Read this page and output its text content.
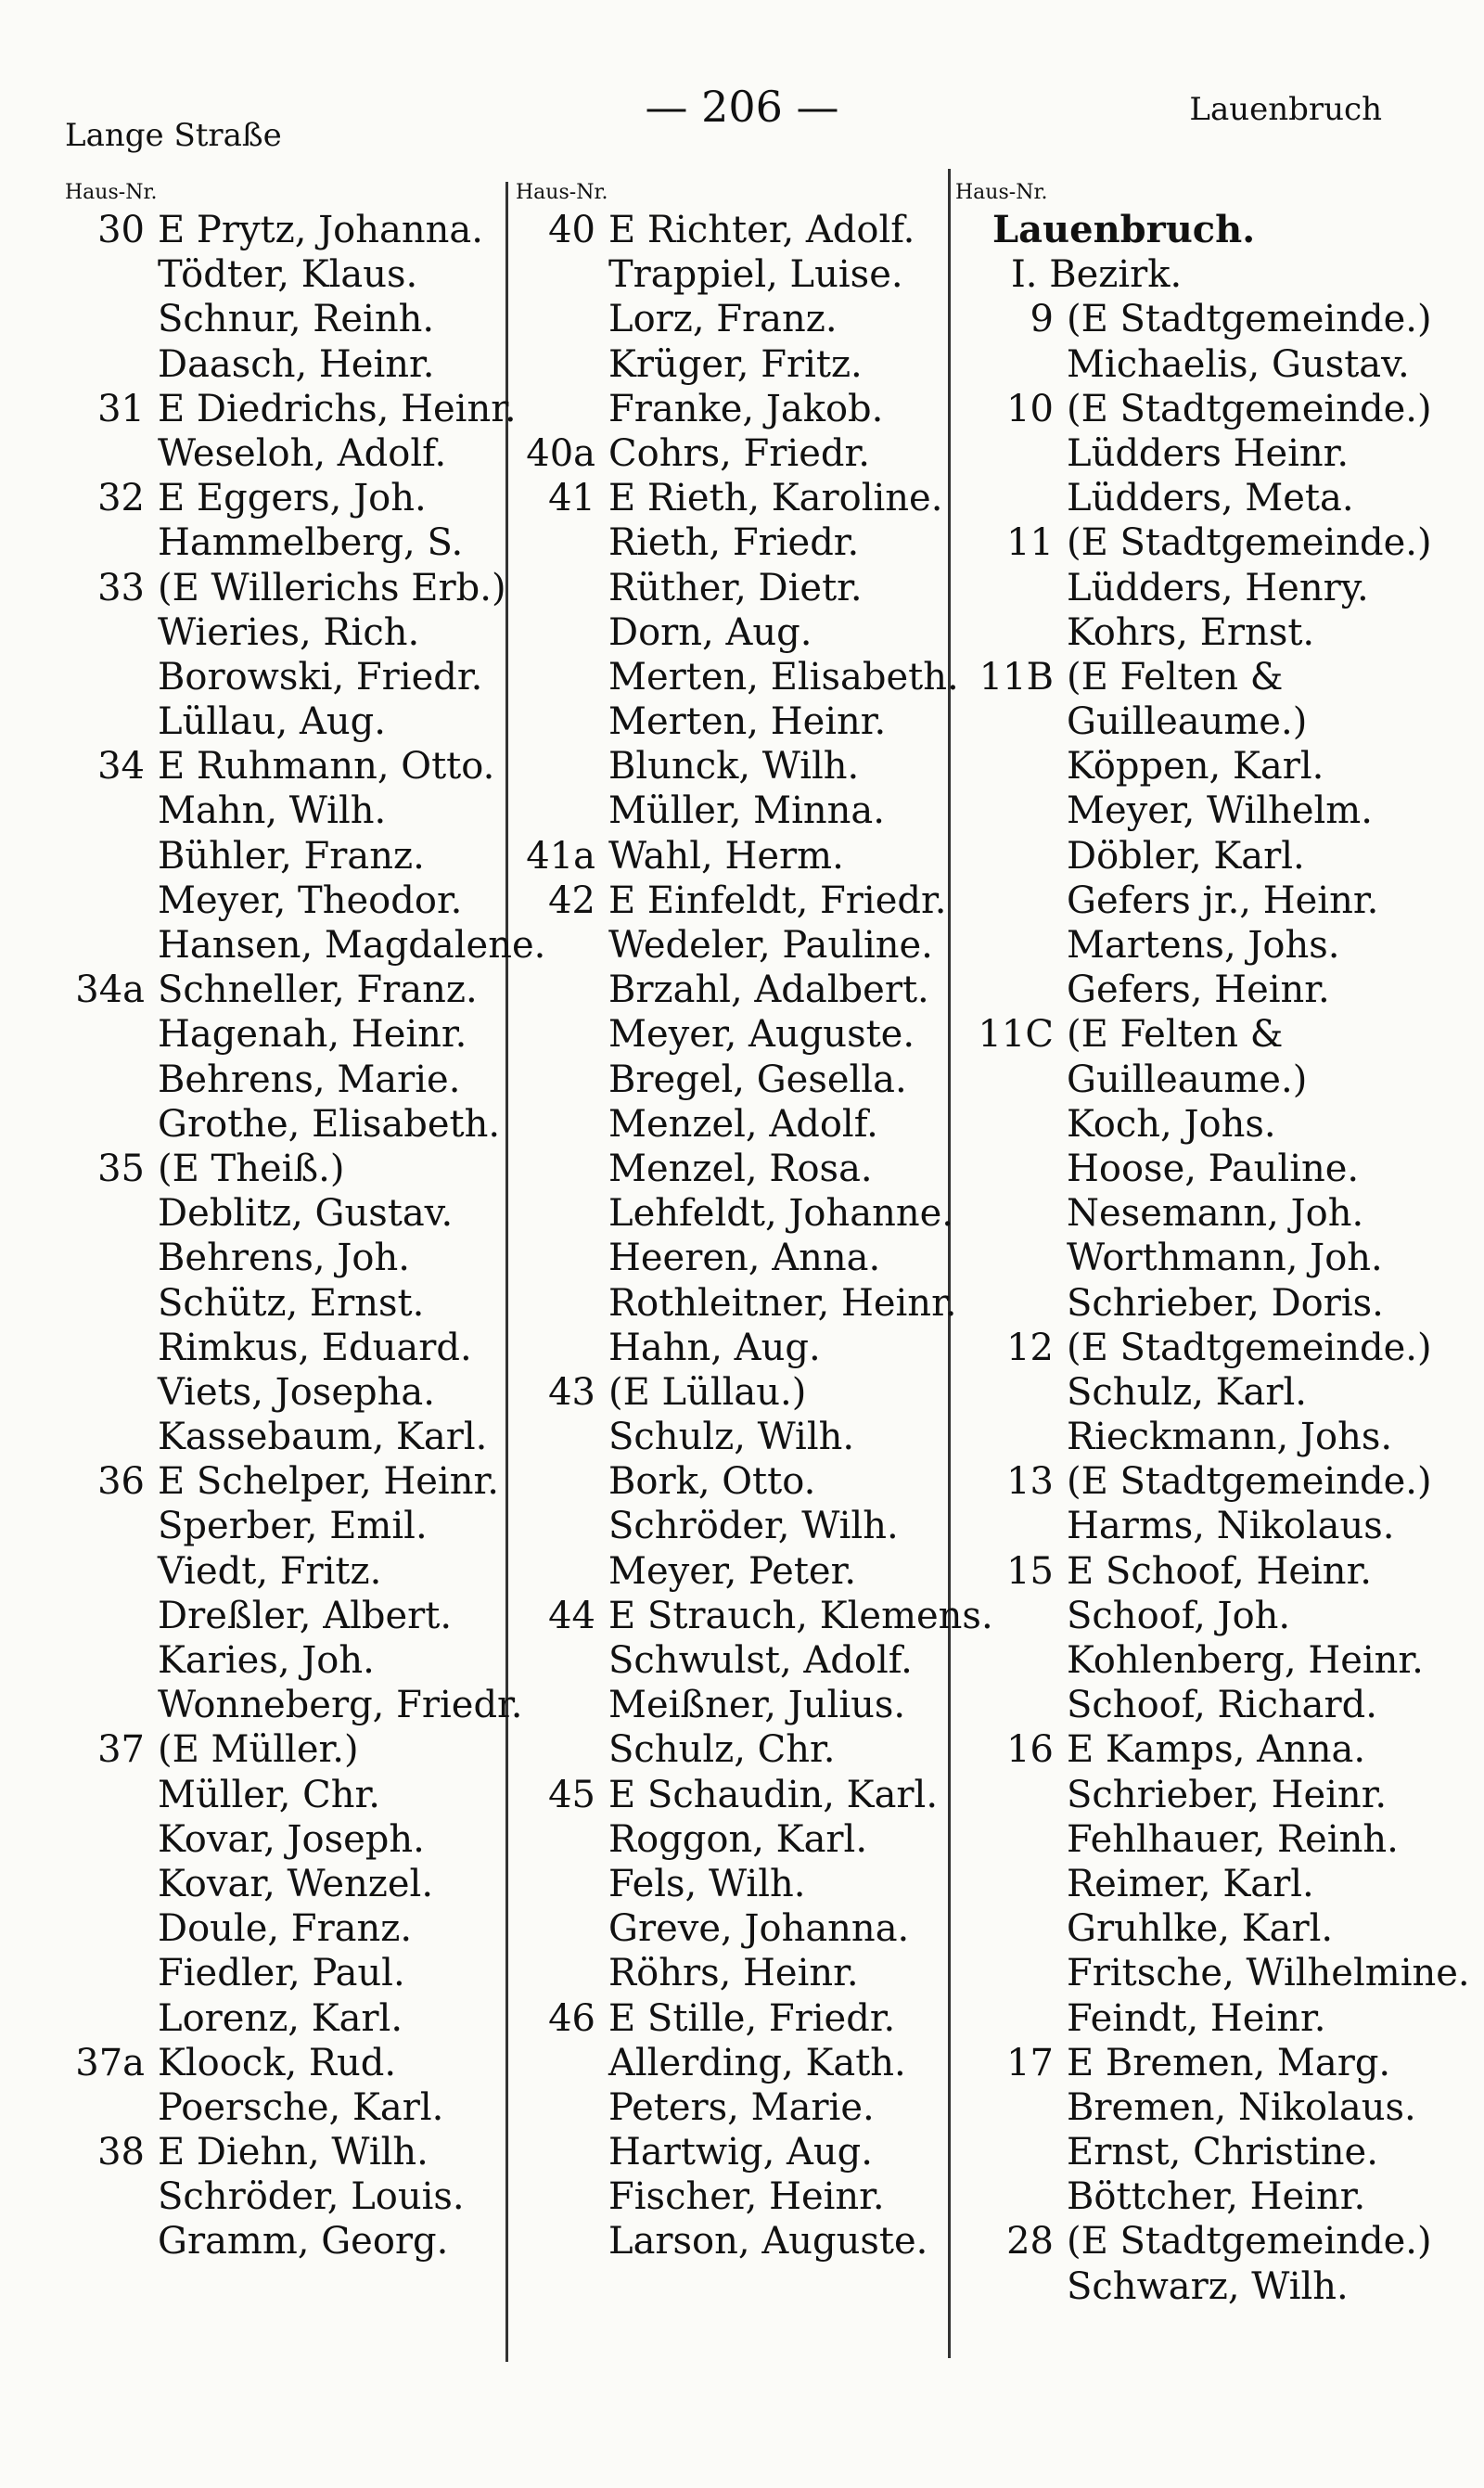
Lange Straße
— 206 —	Lauenbruch
Haus-Nr.
30 E Prytz, Johanna.
Tödter, Klaus.
Schnur, Reinh.
Daasch, Heinr.
31 E Diedrichs, Heinr.
Weseloh, Adolf.
32 E Eggers, Joh.
Hammelberg, S.
33 (E Willerichs Erb.)
Wieries, Rich.
Borowski, Friedr.
Lüllau, Aug.
34 E Ruhmann, Otto.
Mahn, Wilh.
Bühler, Franz.
Meyer, Theodor.
Hansen, Magdalene.
34a Schneller, Franz.
Hagenah, Heinr.
Behrens, Marie.
Grothe, Elisabeth.
35 (E Theiß.)
Deblitz, Gustav.
Behrens, Joh.
Schütz, Ernst.
Rimkus, Eduard.
Viets, Josepha.
Kassebaum, Karl.
36 E Schelper, Heinr.
Sperber, Emil.
Viedt, Fritz.
Dreßler, Albert.
Karies, Joh.
Wonneberg, Friedr.
37 (E Müller.)
Müller, Chr.
Kovar, Joseph.
Kovar, Wenzel.
Doule, Franz.
Fiedler, Paul.
Lorenz, Karl.
37a Kloock, Rud.
Poersche, Karl.
38 E Diehn, Wilh.
Schröder, Louis.
Gramm, Georg.
Haus-Nr.
40 E Richter, Adolf.
Trappiel, Luise.
Lorz, Franz.
Krüger, Fritz.
Franke, Jakob.
40a Cohrs, Friedr.
41 E Rieth, Karoline.
Rieth, Friedr.
Rüther, Dietr.
Dorn, Aug.
Merten, Elisabeth.
Merten, Heinr.
Blunck, Wilh.
Müller, Minna.
41a Wahl, Herm.
42 E Einfeldt, Friedr.
Wedeler, Pauline.
Brzahl, Adalbert.
Meyer, Auguste.
Bregel, Gesella.
Menzel, Adolf.
Menzel, Rosa.
Lehfeldt, Johanne.
Heeren, Anna.
Rothleitner, Heinr.
Hahn, Aug.
43 (E Lüllau.)
Schulz, Wilh.
Bork, Otto.
Schröder, Wilh.
Meyer, Peter.
44 E Strauch, Klemens.
Schwulst, Adolf.
Meißner, Julius.
Schulz, Chr.
45 E Schaudin, Karl.
Roggon, Karl.
Fels, Wilh.
Greve, Johanna.
Röhrs, Heinr.
46 E Stille, Friedr.
Allerding, Kath.
Peters, Marie.
Hartwig, Aug.
Fischer, Heinr.
Larson, Auguste.
Haus-Nr.
Lauenbruch.
I. Bezirk.
9 (E Stadtgemeinde.)
Michaelis, Gustav.
10 (E Stadtgemeinde.)
Lüdders Heinr.
Lüdders, Meta.
11 (E Stadtgemeinde.)
Lüdders, Henry.
Kohrs, Ernst.
11B (E Felten &
Guilleaume.)
Köppen, Karl.
Meyer, Wilhelm.
Döbler, Karl.
Gefers jr., Heinr.
Martens, Johs.
Gefers, Heinr.
11C (E Felten &
Guilleaume.)
Koch, Johs.
Hoose, Pauline.
Nesemann, Joh.
Worthmann, Joh.
Schrieber, Doris.
12 (E Stadtgemeinde.)
Schulz, Karl.
Rieckmann, Johs.
13 (E Stadtgemeinde.)
Harms, Nikolaus.
15 E Schoof, Heinr.
Schoof, Joh.
Kohlenberg, Heinr.
Schoof, Richard.
16 E Kamps, Anna.
Schrieber, Heinr.
Fehlhauer, Reinh.
Reimer, Karl.
Gruhlke, Karl.
Fritsche, Wilhelmine.
Feindt, Heinr.
17 E Bremen, Marg.
Bremen, Nikolaus.
Ernst, Christine.
Böttcher, Heinr.
28 (E Stadtgemeinde.)
Schwarz, Wilh.
